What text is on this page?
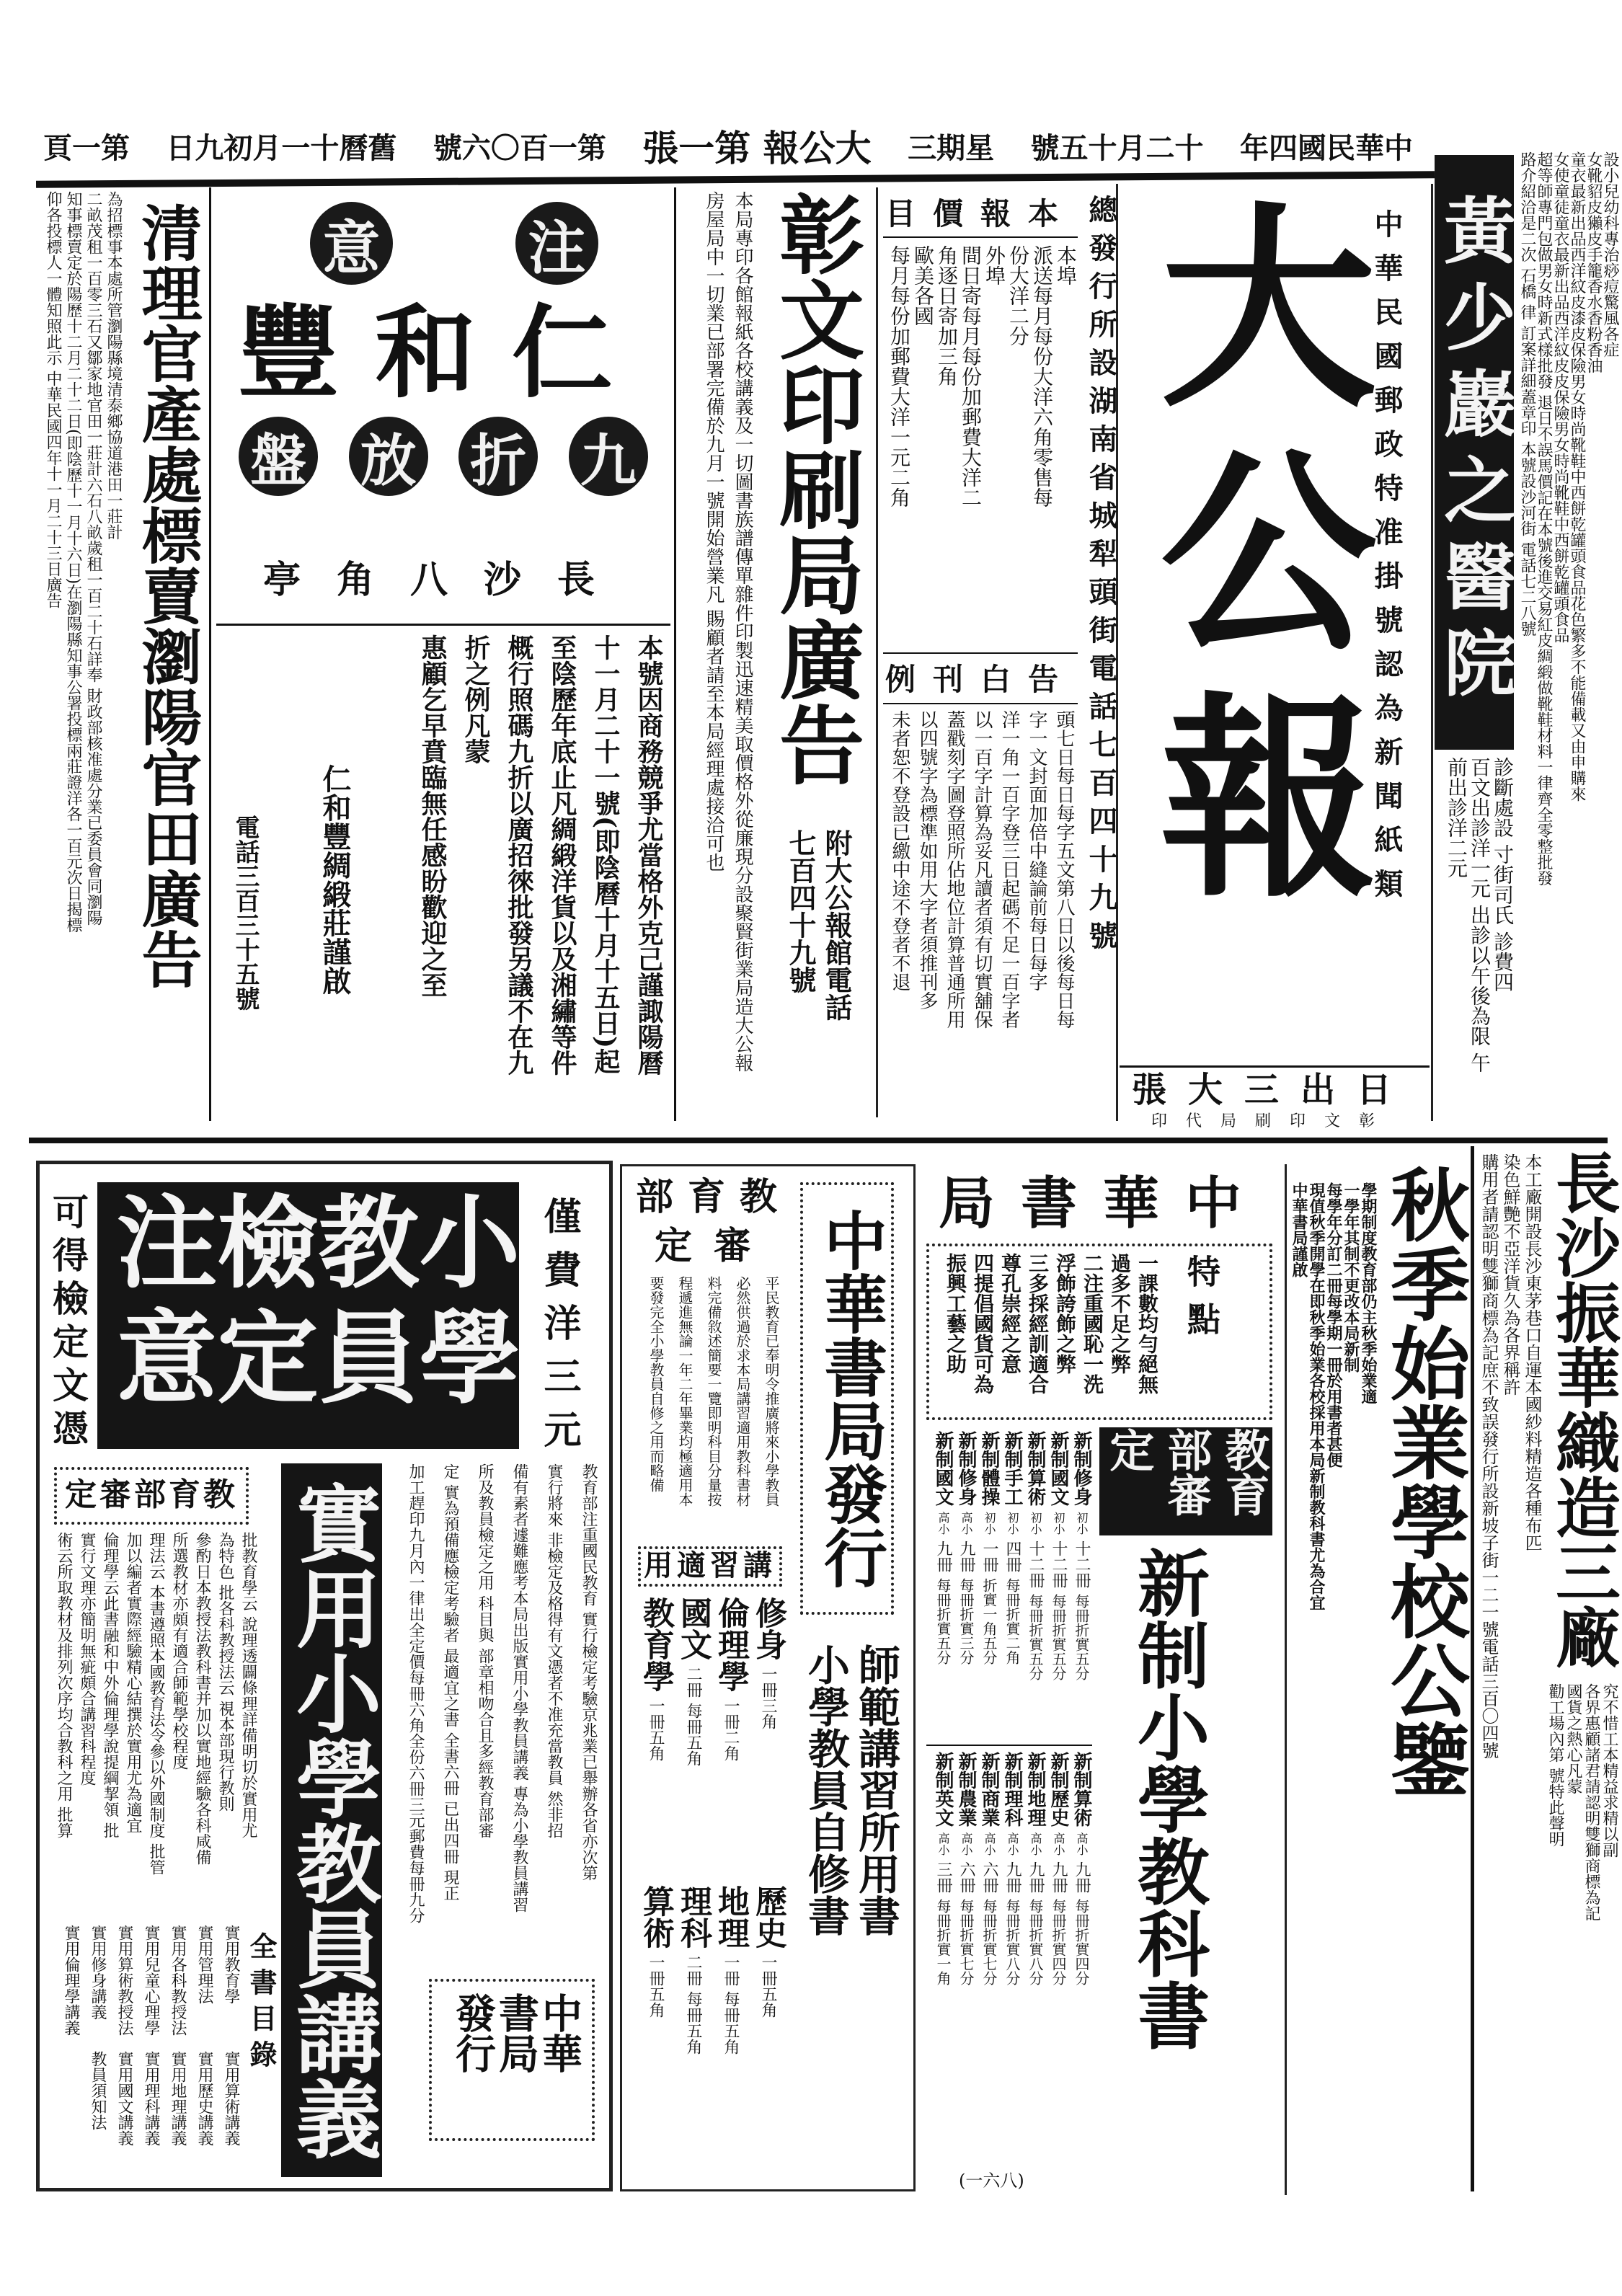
第一頁 舊曆十一月初九日 第一百〇六號 大公報 第一張 星期三 十二月十五號 中華民國四年
黃少巖之醫院	設小兒幼科專治痧痘驚風各症
女靴貂皮獺皮手籠香水香粉香油
童衣最新出品西洋紋皮漆皮保險男女時尚靴鞋中西餅乾罐頭食品花色繁多不能備載又由申購來
女使童徒童衣最新出品西洋紋皮皮保險男女時尚靴鞋中西餅乾罐頭食品
超等師專門包做男女時新式樣批發 退日不誤馬價記在本號後進交易紅皮綢緞做靴鞋材料一律齊全零整批發
路介紹洽是二次 石橋 律 訂案詳細蓋章印 本號設沙河街 電話七二八號
診斷處設 寸街司氏 診費四
百文出診洋一元 出診以午後為限 午
前出診洋二元
中華民國郵政特准掛號認為新聞紙類
大公報
總發行所設湖南省城犁頭街電話七百四十九號
日出三大張
彰文印刷局代印
本報價目
本埠
派送每月每份大洋六角零售每
份大洋二分
外埠
間日寄每月每份加郵費大洋二
角逐日寄加三角
歐美各國
每月每份加郵費大洋一元二角
告白刊例
頭七日每日每字五文第八日以後每日每
字一文封面加倍中縫論前每日每字
洋一角一百字登三日起碼不足一百字者
以一百字計算為妥凡讀者須有切實舖保
蓋戳刻字圖登照所佔地位計算普通所用
以四號字為標準如用大字者須推刊多
未者恕不登設已繳中途不登者不退
彰文印刷局廣告
本局專印各館報紙各校講義及一切圖書族譜傳單雜件印製迅速精美取價格外從廉現分設聚賢街業局造大公報
房屋局中一切業已部署完備於九月一號開始營業凡 賜顧者請至本局經理處接洽可也
附大公報館電話
七百四十九號
注
意
仁和豐
九
折
放
盤
長沙八角亭
本號因商務競爭尤當格外克己謹諏陽曆
十一月二十一號(即陰曆十月十五日)起
至陰歷年底止凡綢緞洋貨以及湘繡等件
概行照碼九折以廣招徠批發另議不在九
折之例凡蒙
惠顧乞早賁臨無任感盼歡迎之至
仁和豐綢緞莊謹啟
電話三百三十五號
清理官產處標賣瀏陽官田廣告
為招標事本處所管瀏陽縣境清泰鄉協道港田一莊計
二畝茂租一百零三石又鄒家地官田一莊計六石八畝歲租一百二十石詳奉 財政部核准處分業已委員會同瀏陽
知事標賣定於陽歷十二月二十二日(即陰歷十一月十六日)在瀏陽縣知事公署投標兩莊證洋各一百元次日揭標
仰各投標人一體知照此示 中華民國四年十一月二十三日廣告
僅費洋三元
小學
教員
檢定
注意
可得檢定文憑
教育部審定
批教育學云 說理透闢條理詳備明切於實用尤
為特色 批各科教授法云 視本部現行教則
參酌日本教授法教科書并加以實地經驗各科咸備
所選教材亦頗有適合師範學校程度
理法云 本書遵照本國教育法令參以外國制度 批管
加以編者實際經驗精心結撰於實用尤為適宜
倫理學云此書融和中外倫理學說提綱挈領 批
實行文理亦簡明無疵頗合講習科程度
術云所取教材及排列次序均合教科之用 批算 實用小學教員講義	教育部注重國民教育 實行檢定考驗京兆業已舉辦各省亦次第
實行將來 非檢定及格得有文憑者不准充當教員 然非招
備有素者遽難應考本局出版實用小學教員講義 專為小學教員講習
所及教員檢定之用 科目與 部章相吻合且多經教育部審
定 實為預備應檢定考驗者 最適宜之書 全書六冊 已出四冊 現正
加工趕印九月內一律出全定價每冊六角全份六冊三元郵費每冊九分
中華
書局
發行
全書目錄
實用教育學
實用管理法
實用各科教授法
實用兒童心理學
實用算術教授法
實用修身講義
實用倫理學講義
實用算術講義
實用歷史講義
實用地理講義
實用理科講義
實用國文講義
教員須知法
教育部
審定
平民教育已奉明令推廣將來小學教員
必然供過於求本局講習適用教科書材
料完備敘述簡要一覽即明科目分量按
程遞進無論一年二年畢業均極適用本
要發完全小學教員自修之用而略備
講習適用
修身一冊三角
倫理學一冊二角
國文二冊 每冊五角
教育學一冊五角
歷史一冊五角
地理一冊 每冊五角
理科二冊 每冊五角
算術一冊五角
中華書局發行
師範講習所用書
小學教員自修書
中華書局
特點
一課數均勻絕無
過多不足之弊
二注重國恥一洗
浮飾誇飾之弊
三多採經訓適合
尊孔崇經之意
四提倡國貨可為
振興工藝之助
教育部審定
新制小學教科書
新制修身初小十二冊每冊折實五分
新制國文初小十二冊每冊折實五分
新制算術初小十二冊每冊折實五分
新制手工初小四冊每冊折實二角
新制體操初小一冊折實一角五分
新制修身高小九冊每冊折實三分
新制國文高小九冊每冊折實五分
新制算術高小九冊每冊折實四分
新制歷史高小九冊每冊折實四分
新制地理高小九冊每冊折實八分
新制理科高小九冊每冊折實八分
新制商業高小六冊每冊折實七分
新制農業高小六冊每冊折實七分
新制英文高小三冊每冊折實一角
秋季始業學校公鑒
學期制度教育部仍主秋季始業適
一學年其制不更改本局新制
每學年分訂二冊每學期一冊於用書者甚便
現值秋季開學在即秋季始業各校採用本局新制教科書尤為合宜
中華書局謹啟	長沙振華織造三廠
本工廠開設長沙東茅巷口自運本國紗料精造各種布匹
染色鮮艷不亞洋貨久為各界稱許
購用者請認明雙獅商標為記庶不致誤發行所設新坡子街一二一號電話三百〇四號
究不惜工本精益求精以副
各界惠顧諸君請認明雙獅商標為記
國貨之熱心凡蒙
勸工場內第 號特此聲明
(一六八)
